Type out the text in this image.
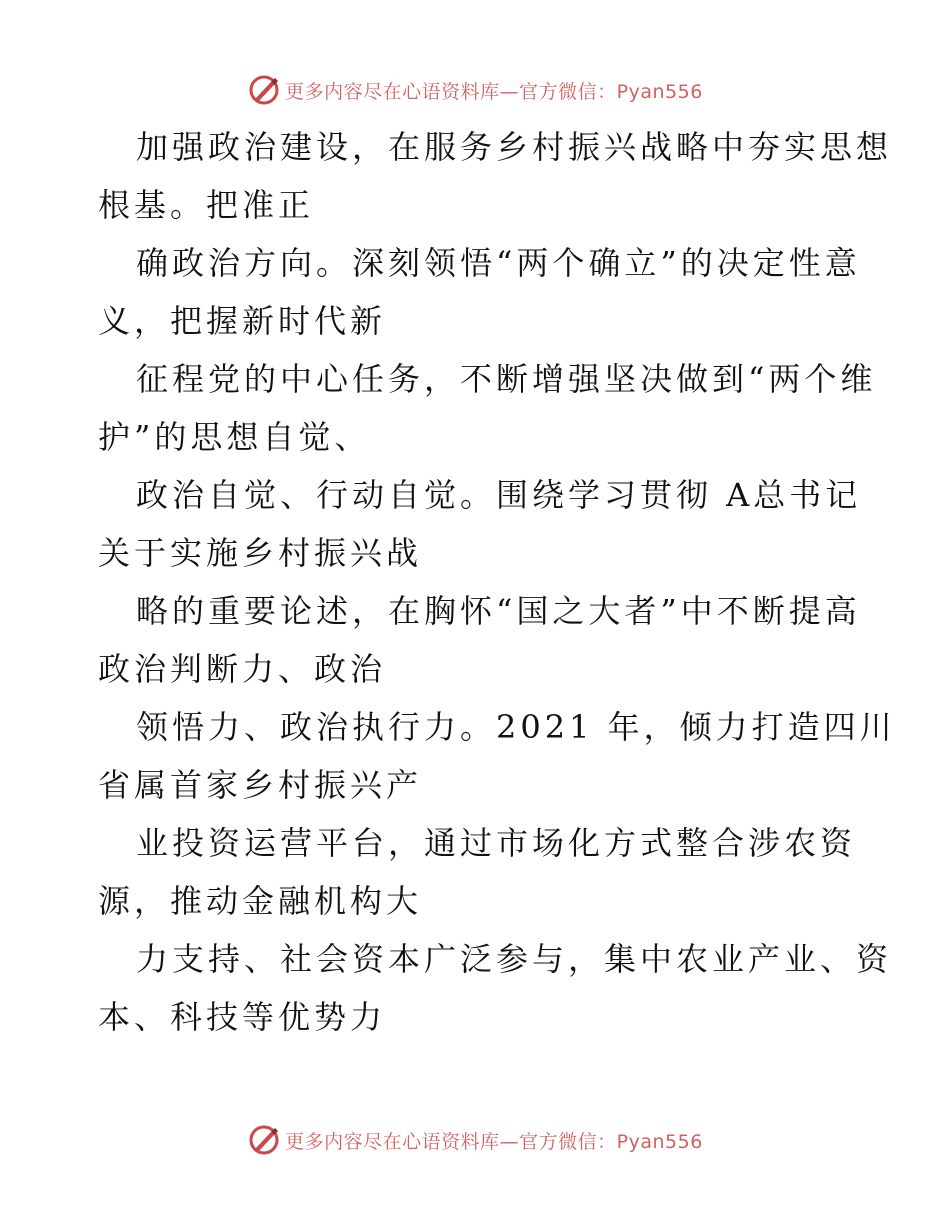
更多内容尽在心语资料库—官方微信：Pyan556
加强政治建设，在服务乡村振兴战略中夯实思想
根基。把准正
确政治方向。深刻领悟“两个确立”的决定性意
义，把握新时代新
征程党的中心任务，不断增强坚决做到“两个维
护”的思想自觉、
政治自觉、行动自觉。围绕学习贯彻 A总书记
关于实施乡村振兴战
略的重要论述，在胸怀“国之大者”中不断提高
政治判断力、政治
领悟力、政治执行力。2021 年，倾力打造四川
省属首家乡村振兴产
业投资运营平台，通过市场化方式整合涉农资
源，推动金融机构大
力支持、社会资本广泛参与，集中农业产业、资
本、科技等优势力
更多内容尽在心语资料库—官方微信：Pyan556
